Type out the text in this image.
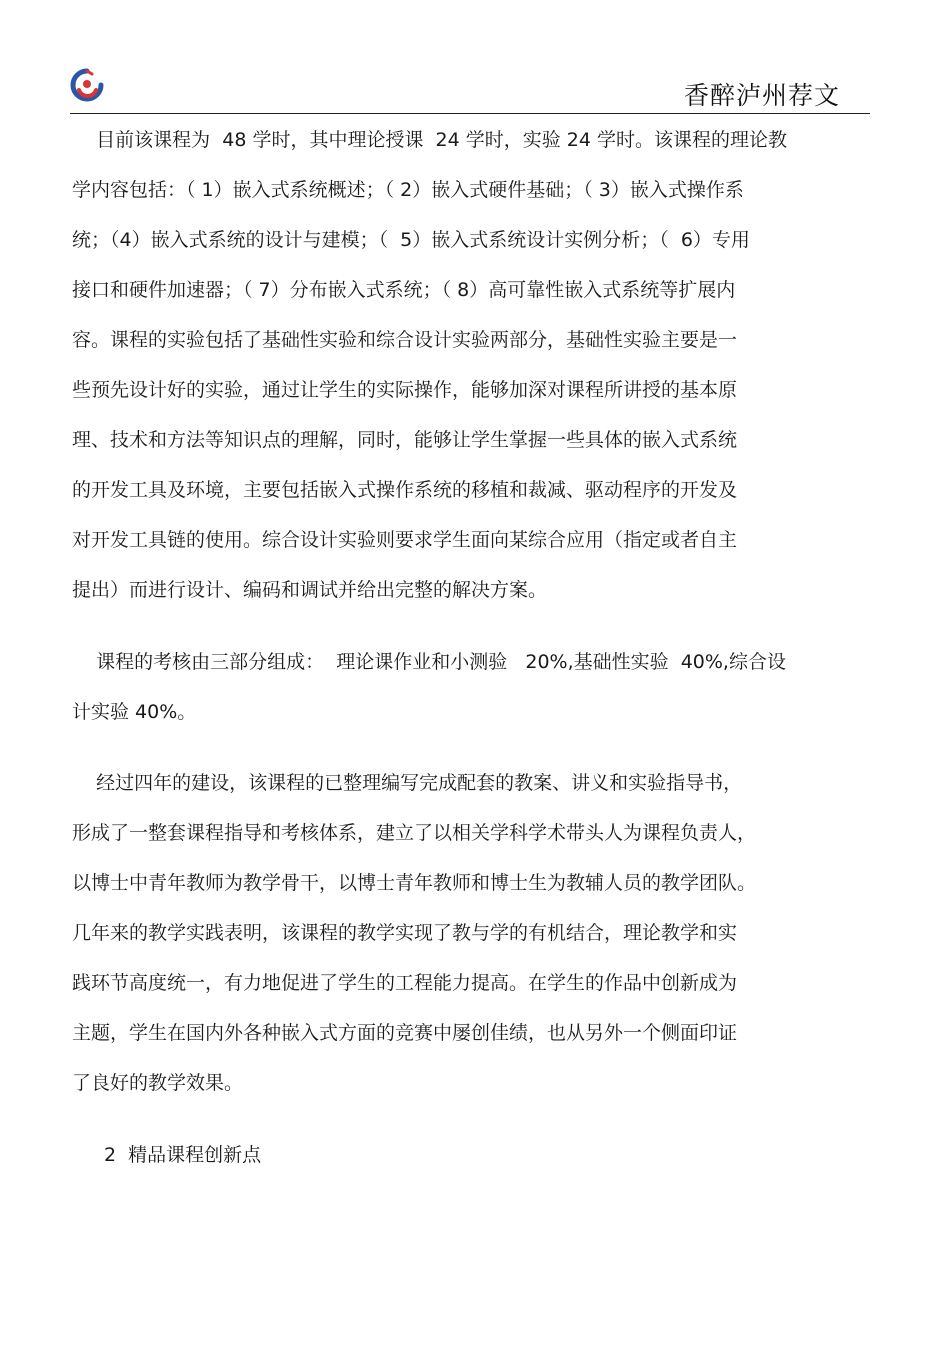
香醉泸州荐文
目前该课程为  48 学时，其中理论授课  24 学时，实验 24 学时。该课程的理论教
学内容包括：（ 1）嵌入式系统概述；（ 2）嵌入式硬件基础；（ 3）嵌入式操作系
统；（4）嵌入式系统的设计与建模；（  5）嵌入式系统设计实例分析；（  6）专用
接口和硬件加速器；（ 7）分布嵌入式系统；（ 8）高可靠性嵌入式系统等扩展内
容。课程的实验包括了基础性实验和综合设计实验两部分，基础性实验主要是一
些预先设计好的实验，通过让学生的实际操作，能够加深对课程所讲授的基本原
理、技术和方法等知识点的理解，同时，能够让学生掌握一些具体的嵌入式系统
的开发工具及环境，主要包括嵌入式操作系统的移植和裁减、驱动程序的开发及
对开发工具链的使用。综合设计实验则要求学生面向某综合应用（指定或者自主
提出）而进行设计、编码和调试并给出完整的解决方案。
课程的考核由三部分组成：  理论课作业和小测验   20%,基础性实验  40%,综合设
计实验 40%。
经过四年的建设，该课程的已整理编写完成配套的教案、讲义和实验指导书，
形成了一整套课程指导和考核体系，建立了以相关学科学术带头人为课程负责人，
以博士中青年教师为教学骨干，以博士青年教师和博士生为教辅人员的教学团队。
几年来的教学实践表明，该课程的教学实现了教与学的有机结合，理论教学和实
践环节高度统一，有力地促进了学生的工程能力提高。在学生的作品中创新成为
主题，学生在国内外各种嵌入式方面的竞赛中屡创佳绩，也从另外一个侧面印证
了良好的教学效果。
2  精品课程创新点
